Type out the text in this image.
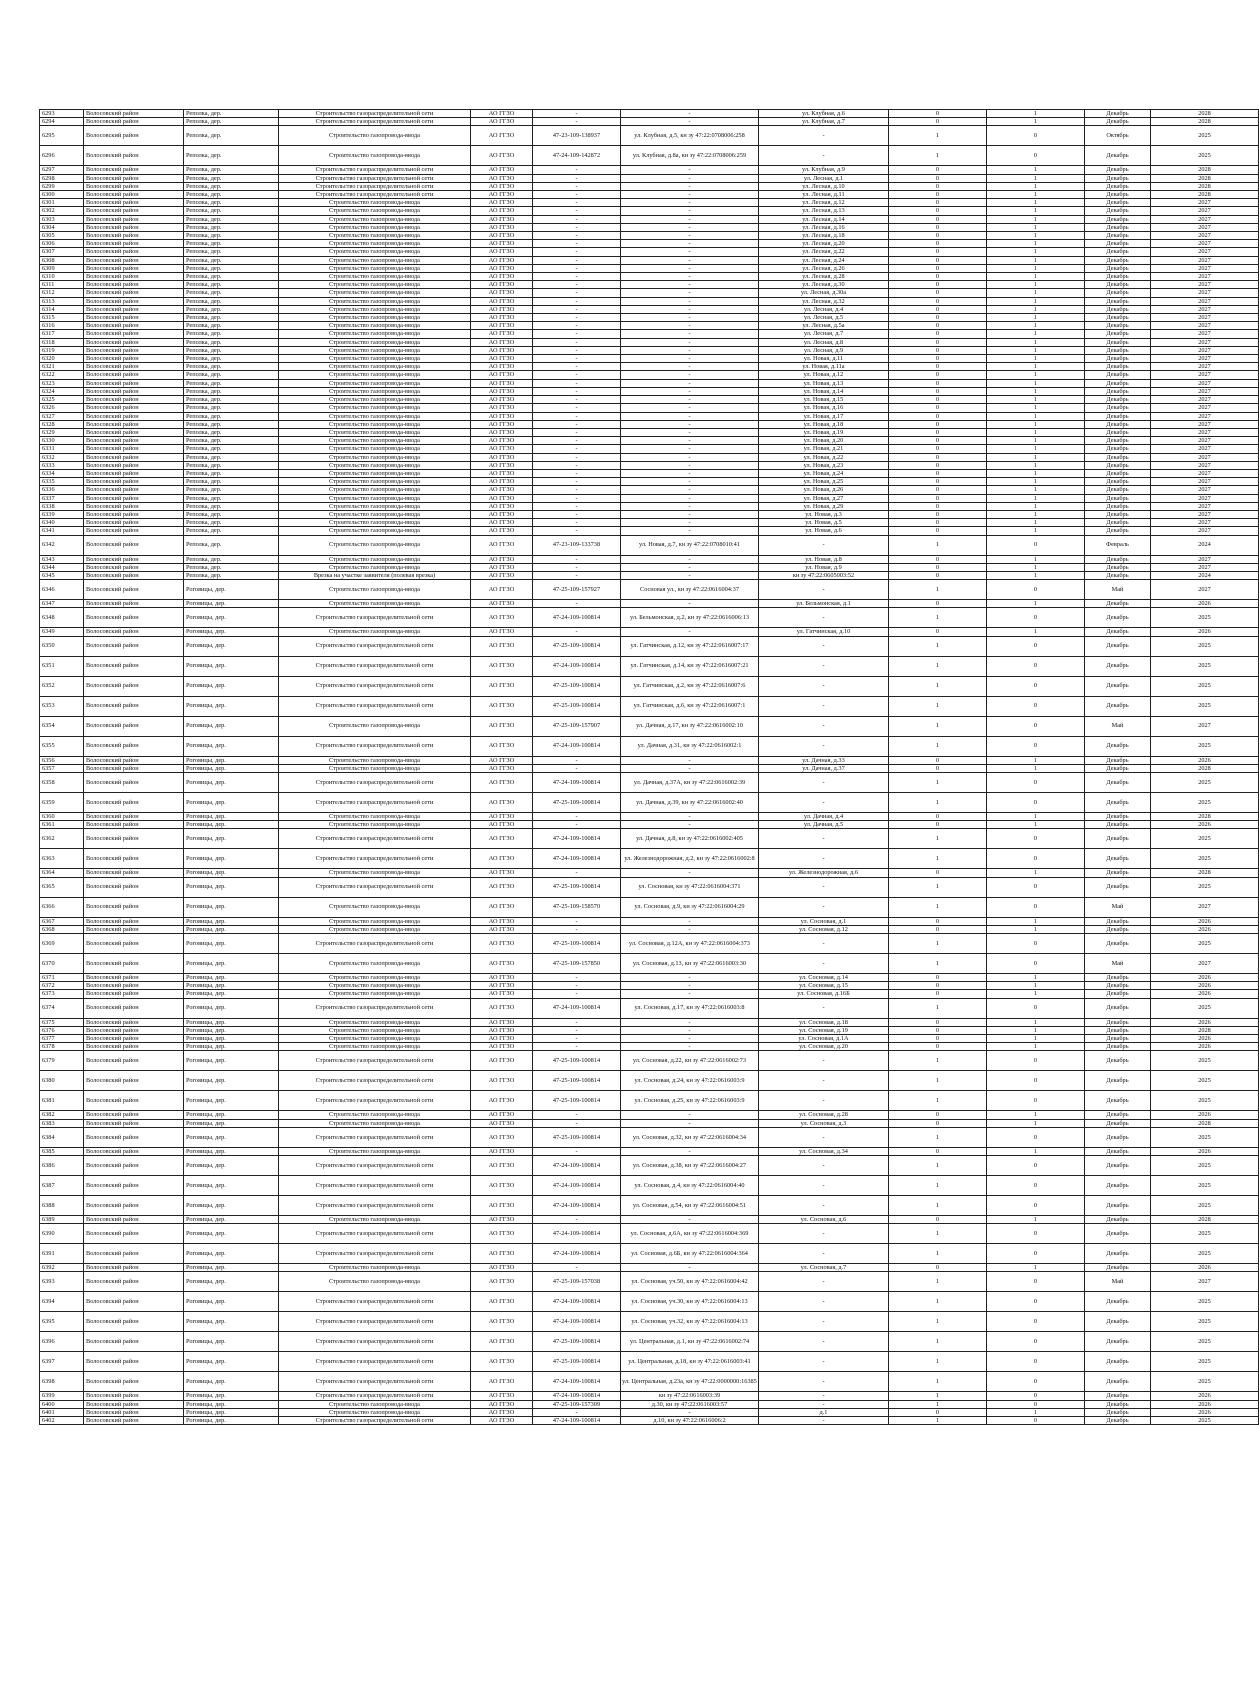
6293	Волосовский район	Реполка, дер.	Строительство газораспределительной сети	АО ГГЗО	-	-	ул. Клубная, д.6	0	1	Декабрь	2028
6294	Волосовский район	Реполка, дер.	Строительство газораспределительной сети	АО ГГЗО	-	-	ул. Клубная, д.7	0	1	Декабрь	2028
6295	Волосовский район	Реполка, дер.	Строительство газопровода-ввода	АО ГГЗО	47-23-109-138937	ул. Клубная, д.5, кн зу 47:22:0708006:258	-	1	0	Октябрь	2025
6296	Волосовский район	Реполка, дер.	Строительство газопровода-ввода	АО ГГЗО	47-24-109-142872	ул. Клубная, д.8а, кн зу 47:22:0708006:259	-	1	0	Декабрь	2025
6297	Волосовский район	Реполка, дер.	Строительство газораспределительной сети	АО ГГЗО	-	-	ул. Клубная, д.9	0	1	Декабрь	2028
6298	Волосовский район	Реполка, дер.	Строительство газораспределительной сети	АО ГГЗО	-	-	ул. Лесная, д.1	0	1	Декабрь	2028
6299	Волосовский район	Реполка, дер.	Строительство газораспределительной сети	АО ГГЗО	-	-	ул. Лесная, д.10	0	1	Декабрь	2028
6300	Волосовский район	Реполка, дер.	Строительство газораспределительной сети	АО ГГЗО	-	-	ул. Лесная, д.11	0	1	Декабрь	2028
6301	Волосовский район	Реполка, дер.	Строительство газопровода-ввода	АО ГГЗО	-	-	ул. Лесная, д.12	0	1	Декабрь	2027
6302	Волосовский район	Реполка, дер.	Строительство газопровода-ввода	АО ГГЗО	-	-	ул. Лесная, д.13	0	1	Декабрь	2027
6303	Волосовский район	Реполка, дер.	Строительство газопровода-ввода	АО ГГЗО	-	-	ул. Лесная, д.14	0	1	Декабрь	2027
6304	Волосовский район	Реполка, дер.	Строительство газопровода-ввода	АО ГГЗО	-	-	ул. Лесная, д.16	0	1	Декабрь	2027
6305	Волосовский район	Реполка, дер.	Строительство газопровода-ввода	АО ГГЗО	-	-	ул. Лесная, д.18	0	1	Декабрь	2027
6306	Волосовский район	Реполка, дер.	Строительство газопровода-ввода	АО ГГЗО	-	-	ул. Лесная, д.20	0	1	Декабрь	2027
6307	Волосовский район	Реполка, дер.	Строительство газопровода-ввода	АО ГГЗО	-	-	ул. Лесная, д.22	0	1	Декабрь	2027
6308	Волосовский район	Реполка, дер.	Строительство газопровода-ввода	АО ГГЗО	-	-	ул. Лесная, д.24	0	1	Декабрь	2027
6309	Волосовский район	Реполка, дер.	Строительство газопровода-ввода	АО ГГЗО	-	-	ул. Лесная, д.26	0	1	Декабрь	2027
6310	Волосовский район	Реполка, дер.	Строительство газопровода-ввода	АО ГГЗО	-	-	ул. Лесная, д.28	0	1	Декабрь	2027
6311	Волосовский район	Реполка, дер.	Строительство газопровода-ввода	АО ГГЗО	-	-	ул. Лесная, д.30	0	1	Декабрь	2027
6312	Волосовский район	Реполка, дер.	Строительство газопровода-ввода	АО ГГЗО	-	-	ул. Лесная, д.30а	0	1	Декабрь	2027
6313	Волосовский район	Реполка, дер.	Строительство газопровода-ввода	АО ГГЗО	-	-	ул. Лесная, д.32	0	1	Декабрь	2027
6314	Волосовский район	Реполка, дер.	Строительство газопровода-ввода	АО ГГЗО	-	-	ул. Лесная, д.4	0	1	Декабрь	2027
6315	Волосовский район	Реполка, дер.	Строительство газопровода-ввода	АО ГГЗО	-	-	ул. Лесная, д.5	0	1	Декабрь	2027
6316	Волосовский район	Реполка, дер.	Строительство газопровода-ввода	АО ГГЗО	-	-	ул. Лесная, д.5а	0	1	Декабрь	2027
6317	Волосовский район	Реполка, дер.	Строительство газопровода-ввода	АО ГГЗО	-	-	ул. Лесная, д.7	0	1	Декабрь	2027
6318	Волосовский район	Реполка, дер.	Строительство газопровода-ввода	АО ГГЗО	-	-	ул. Лесная, д.8	0	1	Декабрь	2027
6319	Волосовский район	Реполка, дер.	Строительство газопровода-ввода	АО ГГЗО	-	-	ул. Лесная, д.9	0	1	Декабрь	2027
6320	Волосовский район	Реполка, дер.	Строительство газопровода-ввода	АО ГГЗО	-	-	ул. Новая, д.11	0	1	Декабрь	2027
6321	Волосовский район	Реполка, дер.	Строительство газопровода-ввода	АО ГГЗО	-	-	ул. Новая, д.11а	0	1	Декабрь	2027
6322	Волосовский район	Реполка, дер.	Строительство газопровода-ввода	АО ГГЗО	-	-	ул. Новая, д.12	0	1	Декабрь	2027
6323	Волосовский район	Реполка, дер.	Строительство газопровода-ввода	АО ГГЗО	-	-	ул. Новая, д.13	0	1	Декабрь	2027
6324	Волосовский район	Реполка, дер.	Строительство газопровода-ввода	АО ГГЗО	-	-	ул. Новая, д.14	0	1	Декабрь	2027
6325	Волосовский район	Реполка, дер.	Строительство газопровода-ввода	АО ГГЗО	-	-	ул. Новая, д.15	0	1	Декабрь	2027
6326	Волосовский район	Реполка, дер.	Строительство газопровода-ввода	АО ГГЗО	-	-	ул. Новая, д.16	0	1	Декабрь	2027
6327	Волосовский район	Реполка, дер.	Строительство газопровода-ввода	АО ГГЗО	-	-	ул. Новая, д.17	0	1	Декабрь	2027
6328	Волосовский район	Реполка, дер.	Строительство газопровода-ввода	АО ГГЗО	-	-	ул. Новая, д.18	0	1	Декабрь	2027
6329	Волосовский район	Реполка, дер.	Строительство газопровода-ввода	АО ГГЗО	-	-	ул. Новая, д.19	0	1	Декабрь	2027
6330	Волосовский район	Реполка, дер.	Строительство газопровода-ввода	АО ГГЗО	-	-	ул. Новая, д.20	0	1	Декабрь	2027
6331	Волосовский район	Реполка, дер.	Строительство газопровода-ввода	АО ГГЗО	-	-	ул. Новая, д.21	0	1	Декабрь	2027
6332	Волосовский район	Реполка, дер.	Строительство газопровода-ввода	АО ГГЗО	-	-	ул. Новая, д.22	0	1	Декабрь	2027
6333	Волосовский район	Реполка, дер.	Строительство газопровода-ввода	АО ГГЗО	-	-	ул. Новая, д.23	0	1	Декабрь	2027
6334	Волосовский район	Реполка, дер.	Строительство газопровода-ввода	АО ГГЗО	-	-	ул. Новая, д.24	0	1	Декабрь	2027
6335	Волосовский район	Реполка, дер.	Строительство газопровода-ввода	АО ГГЗО	-	-	ул. Новая, д.25	0	1	Декабрь	2027
6336	Волосовский район	Реполка, дер.	Строительство газопровода-ввода	АО ГГЗО	-	-	ул. Новая, д.26	0	1	Декабрь	2027
6337	Волосовский район	Реполка, дер.	Строительство газопровода-ввода	АО ГГЗО	-	-	ул. Новая, д.27	0	1	Декабрь	2027
6338	Волосовский район	Реполка, дер.	Строительство газопровода-ввода	АО ГГЗО	-	-	ул. Новая, д.29	0	1	Декабрь	2027
6339	Волосовский район	Реполка, дер.	Строительство газопровода-ввода	АО ГГЗО	-	-	ул. Новая, д.3	0	1	Декабрь	2027
6340	Волосовский район	Реполка, дер.	Строительство газопровода-ввода	АО ГГЗО	-	-	ул. Новая, д.5	0	1	Декабрь	2027
6341	Волосовский район	Реполка, дер.	Строительство газопровода-ввода	АО ГГЗО	-	-	ул. Новая, д.6	0	1	Декабрь	2027
6342	Волосовский район	Реполка, дер.	Строительство газопровода-ввода	АО ГГЗО	47-23-109-133738	ул. Новая, д.7, кн зу 47:22:0708010:41	-	1	0	Февраль	2024
6343	Волосовский район	Реполка, дер.	Строительство газопровода-ввода	АО ГГЗО	-	-	ул. Новая, д.8	0	1	Декабрь	2027
6344	Волосовский район	Реполка, дер.	Строительство газопровода-ввода	АО ГГЗО	-	-	ул. Новая, д.9	0	1	Декабрь	2027
6345	Волосовский район	Реполка, дер.	Врезка на участке заявителя (полевая врезка)	АО ГГЗО	-	-	кн зу 47:22:0605003:52	0	1	Декабрь	2024
6346	Волосовский район	Роговицы, дер.	Строительство газопровода-ввода	АО ГГЗО	47-25-109-157927	Сосновая ул., кн зу 47:22:0616004:37	-	1	0	Май	2027
6347	Волосовский район	Роговицы, дер.	Строительство газопровода-ввода	АО ГГЗО	-	-	ул. Бельмонская, д.1	0	1	Декабрь	2026
6348	Волосовский район	Роговицы, дер.	Строительство газораспределительной сети	АО ГГЗО	47-24-109-100814	ул. Бельмонская, д.2, кн зу 47:22:0616006:13	-	1	0	Декабрь	2025
6349	Волосовский район	Роговицы, дер.	Строительство газопровода-ввода	АО ГГЗО	-	-	ул. Гатчинская, д.10	0	1	Декабрь	2026
6350	Волосовский район	Роговицы, дер.	Строительство газораспределительной сети	АО ГГЗО	47-25-109-100814	ул. Гатчинская, д.12, кн зу 47:22:0616007:17	-	1	0	Декабрь	2025
6351	Волосовский район	Роговицы, дер.	Строительство газораспределительной сети	АО ГГЗО	47-24-109-100814	ул. Гатчинская, д.14, кн зу 47:22:0616007:21	-	1	0	Декабрь	2025
6352	Волосовский район	Роговицы, дер.	Строительство газораспределительной сети	АО ГГЗО	47-25-109-100814	ул. Гатчинская, д.2, кн зу 47:22:0616007:6	-	1	0	Декабрь	2025
6353	Волосовский район	Роговицы, дер.	Строительство газораспределительной сети	АО ГГЗО	47-25-109-100814	ул. Гатчинская, д.6, кн зу 47:22:0616007:1	-	1	0	Декабрь	2025
6354	Волосовский район	Роговицы, дер.	Строительство газопровода-ввода	АО ГГЗО	47-25-109-157907	ул. Дачная, д.17, кн зу 47:22:0616002:10	-	1	0	Май	2027
6355	Волосовский район	Роговицы, дер.	Строительство газораспределительной сети	АО ГГЗО	47-24-109-100814	ул. Дачная, д.31, кн зу 47:22:0616002:1	-	1	0	Декабрь	2025
6356	Волосовский район	Роговицы, дер.	Строительство газопровода-ввода	АО ГГЗО	-	-	ул. Дачная, д.33	0	1	Декабрь	2026
6357	Волосовский район	Роговицы, дер.	Строительство газопровода-ввода	АО ГГЗО	-	-	ул. Дачная, д.37	0	1	Декабрь	2028
6358	Волосовский район	Роговицы, дер.	Строительство газораспределительной сети	АО ГГЗО	47-24-109-100814	ул. Дачная, д.37А, кн зу 47:22:0616002:39	-	1	0	Декабрь	2025
6359	Волосовский район	Роговицы, дер.	Строительство газораспределительной сети	АО ГГЗО	47-25-109-100814	ул. Дачная, д.39, кн зу 47:22:0616002:40	-	1	0	Декабрь	2025
6360	Волосовский район	Роговицы, дер.	Строительство газопровода-ввода	АО ГГЗО	-	-	ул. Дачная, д.4	0	1	Декабрь	2028
6361	Волосовский район	Роговицы, дер.	Строительство газопровода-ввода	АО ГГЗО	-	-	ул. Дачная, д.5	0	1	Декабрь	2026
6362	Волосовский район	Роговицы, дер.	Строительство газораспределительной сети	АО ГГЗО	47-24-109-100814	ул. Дачная, д.8, кн зу 47:22:0616002:405	-	1	0	Декабрь	2025
6363	Волосовский район	Роговицы, дер.	Строительство газораспределительной сети	АО ГГЗО	47-24-109-100814	ул. Железнодорожная, д.2, кн зу 47:22:0616002:8	-	1	0	Декабрь	2025
6364	Волосовский район	Роговицы, дер.	Строительство газопровода-ввода	АО ГГЗО	-	-	ул. Железнодорожная, д.6	0	1	Декабрь	2028
6365	Волосовский район	Роговицы, дер.	Строительство газораспределительной сети	АО ГГЗО	47-25-109-100814	ул. Сосновая, кн зу 47:22:0616004:371	-	1	0	Декабрь	2025
6366	Волосовский район	Роговицы, дер.	Строительство газопровода-ввода	АО ГГЗО	47-25-109-158570	ул. Сосновая, д.9, кн зу 47:22:0616004:29	-	1	0	Май	2027
6367	Волосовский район	Роговицы, дер.	Строительство газопровода-ввода	АО ГГЗО	-	-	ул. Сосновая, д.1	0	1	Декабрь	2026
6368	Волосовский район	Роговицы, дер.	Строительство газопровода-ввода	АО ГГЗО	-	-	ул. Сосновая, д.12	0	1	Декабрь	2026
6369	Волосовский район	Роговицы, дер.	Строительство газораспределительной сети	АО ГГЗО	47-25-109-100814	ул. Сосновая, д.12А, кн зу 47:22:0616004:373	-	1	0	Декабрь	2025
6370	Волосовский район	Роговицы, дер.	Строительство газопровода-ввода	АО ГГЗО	47-25-109-157850	ул. Сосновая, д.13, кн зу 47:22:0616003:30	-	1	0	Май	2027
6371	Волосовский район	Роговицы, дер.	Строительство газопровода-ввода	АО ГГЗО	-	-	ул. Сосновая, д.14	0	1	Декабрь	2026
6372	Волосовский район	Роговицы, дер.	Строительство газопровода-ввода	АО ГГЗО	-	-	ул. Сосновая, д.15	0	1	Декабрь	2026
6373	Волосовский район	Роговицы, дер.	Строительство газопровода-ввода	АО ГГЗО	-	-	ул. Сосновая, д.16Б	0	1	Декабрь	2026
6374	Волосовский район	Роговицы, дер.	Строительство газораспределительной сети	АО ГГЗО	47-24-109-100814	ул. Сосновая, д.17, кн зу 47:22:0616003:8	-	1	0	Декабрь	2025
6375	Волосовский район	Роговицы, дер.	Строительство газопровода-ввода	АО ГГЗО	-	-	ул. Сосновая, д.18	0	1	Декабрь	2026
6376	Волосовский район	Роговицы, дер.	Строительство газопровода-ввода	АО ГГЗО	-	-	ул. Сосновая, д.19	0	1	Декабрь	2028
6377	Волосовский район	Роговицы, дер.	Строительство газопровода-ввода	АО ГГЗО	-	-	ул. Сосновая, д.1А	0	1	Декабрь	2026
6378	Волосовский район	Роговицы, дер.	Строительство газопровода-ввода	АО ГГЗО	-	-	ул. Сосновая, д.20	0	1	Декабрь	2026
6379	Волосовский район	Роговицы, дер.	Строительство газораспределительной сети	АО ГГЗО	47-25-109-100814	ул. Сосновая, д.22, кн зу 47:22:0616002:73	-	1	0	Декабрь	2025
6380	Волосовский район	Роговицы, дер.	Строительство газораспределительной сети	АО ГГЗО	47-25-109-100814	ул. Сосновая, д.24, кн зу 47:22:0616003:9	-	1	0	Декабрь	2025
6381	Волосовский район	Роговицы, дер.	Строительство газораспределительной сети	АО ГГЗО	47-25-109-100814	ул. Сосновая, д.25, кн зу 47:22:0616003:9	-	1	0	Декабрь	2025
6382	Волосовский район	Роговицы, дер.	Строительство газопровода-ввода	АО ГГЗО	-	-	ул. Сосновая, д.28	0	1	Декабрь	2026
6383	Волосовский район	Роговицы, дер.	Строительство газопровода-ввода	АО ГГЗО	-	-	ул. Сосновая, д.3	0	1	Декабрь	2028
6384	Волосовский район	Роговицы, дер.	Строительство газораспределительной сети	АО ГГЗО	47-25-109-100814	ул. Сосновая, д.32, кн зу 47:22:0616004:34	-	1	0	Декабрь	2025
6385	Волосовский район	Роговицы, дер.	Строительство газопровода-ввода	АО ГГЗО	-	-	ул. Сосновая, д.34	0	1	Декабрь	2026
6386	Волосовский район	Роговицы, дер.	Строительство газораспределительной сети	АО ГГЗО	47-24-109-100814	ул. Сосновая, д.38, кн зу 47:22:0616004:27	-	1	0	Декабрь	2025
6387	Волосовский район	Роговицы, дер.	Строительство газораспределительной сети	АО ГГЗО	47-24-109-100814	ул. Сосновая, д.4, кн зу 47:22:0616004:40	-	1	0	Декабрь	2025
6388	Волосовский район	Роговицы, дер.	Строительство газораспределительной сети	АО ГГЗО	47-24-109-100814	ул. Сосновая, д.54, кн зу 47:22:0616004:51	-	1	0	Декабрь	2025
6389	Волосовский район	Роговицы, дер.	Строительство газопровода-ввода	АО ГГЗО	-	-	ул. Сосновая, д.6	0	1	Декабрь	2028
6390	Волосовский район	Роговицы, дер.	Строительство газораспределительной сети	АО ГГЗО	47-24-109-100814	ул. Сосновая, д.6А, кн зу 47:22:0616004:369	-	1	0	Декабрь	2025
6391	Волосовский район	Роговицы, дер.	Строительство газораспределительной сети	АО ГГЗО	47-24-109-100814	ул. Сосновая, д.6Б, кн зу 47:22:0616004:364	-	1	0	Декабрь	2025
6392	Волосовский район	Роговицы, дер.	Строительство газопровода-ввода	АО ГГЗО	-	-	ул. Сосновая, д.7	0	1	Декабрь	2026
6393	Волосовский район	Роговицы, дер.	Строительство газопровода-ввода	АО ГГЗО	47-25-109-157038	ул. Сосновая, уч.50, кн зу 47:22:0616004:42	-	1	0	Май	2027
6394	Волосовский район	Роговицы, дер.	Строительство газораспределительной сети	АО ГГЗО	47-24-109-100814	ул. Сосновая, уч.30, кн зу 47:22:0616004:13	-	1	0	Декабрь	2025
6395	Волосовский район	Роговицы, дер.	Строительство газораспределительной сети	АО ГГЗО	47-24-109-100814	ул. Сосновая, уч.32, кн зу 47:22:0616004:13	-	1	0	Декабрь	2025
6396	Волосовский район	Роговицы, дер.	Строительство газораспределительной сети	АО ГГЗО	47-25-109-100814	ул. Центральная, д.1, кн зу 47:22:0616002:74	-	1	0	Декабрь	2025
6397	Волосовский район	Роговицы, дер.	Строительство газораспределительной сети	АО ГГЗО	47-25-109-100814	ул. Центральная, д.18, кн зу 47:22:0616003:41	-	1	0	Декабрь	2025
6398	Волосовский район	Роговицы, дер.	Строительство газораспределительной сети	АО ГГЗО	47-24-109-100814	ул. Центральная, д.23а, кн зу 47:22:0000000:16385	-	1	0	Декабрь	2025
6399	Волосовский район	Роговицы, дер.	Строительство газораспределительной сети	АО ГГЗО	47-24-109-100814	кн зу 47:22:0616003:39	-	1	0	Декабрь	2026
6400	Волосовский район	Роговицы, дер.	Строительство газопровода-ввода	АО ГГЗО	47-25-109-157309	д.30, кн зу 47:22:0616003:57	-	1	0	Декабрь	2026
6401	Волосовский район	Роговицы, дер.	Строительство газопровода-ввода	АО ГГЗО	-	-	д.1	0	1	Декабрь	2026
6402	Волосовский район	Роговицы, дер.	Строительство газораспределительной сети	АО ГГЗО	47-24-109-100814	д.10, кн зу 47:22:0616006:2	-	1	0	Декабрь	2025
